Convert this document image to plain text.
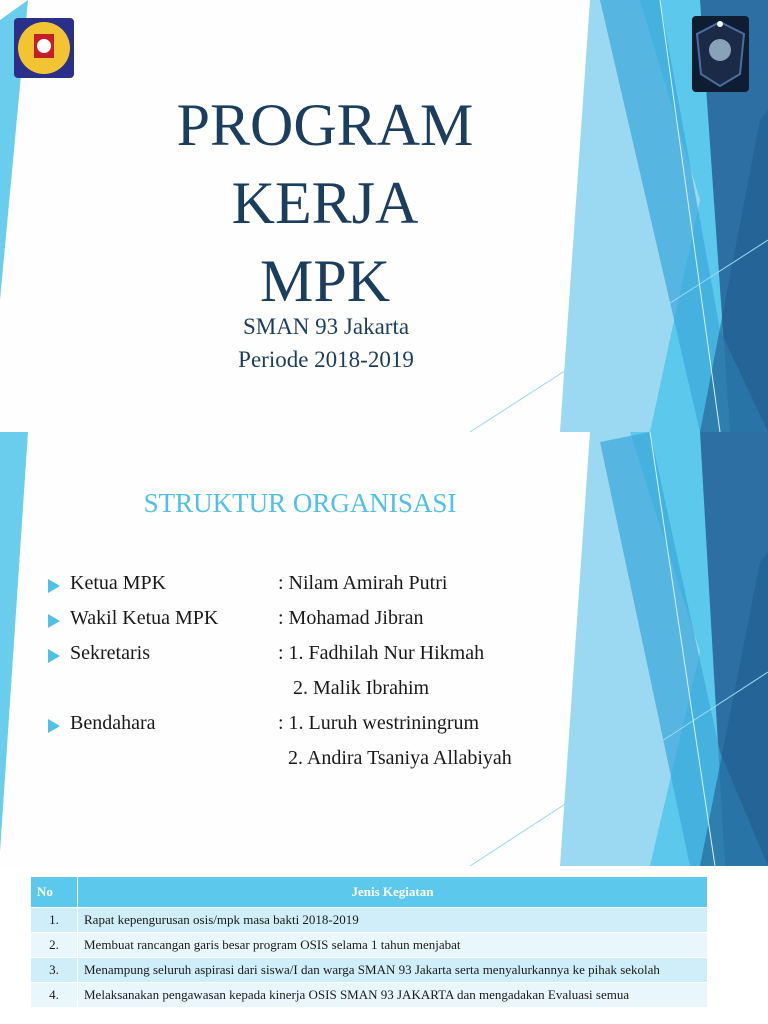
PROGRAM
KERJA
MPK
SMAN 93 Jakarta
Periode 2018-2019
STRUKTUR ORGANISASI
Ketua MPK	: Nilam Amirah Putri
Wakil Ketua MPK	: Mohamad Jibran
Sekretaris	: 1. Fadhilah Nur Hikmah
2. Malik Ibrahim
Bendahara	: 1. Luruh westriningrum
2. Andira Tsaniya Allabiyah
No	Jenis Kegiatan
1.	Rapat kepengurusan osis/mpk masa bakti 2018-2019
2.	Membuat rancangan garis besar program OSIS selama 1 tahun menjabat
3.	Menampung seluruh aspirasi dari siswa/I dan warga SMAN 93 Jakarta serta menyalurkannya ke pihak sekolah
4.	Melaksanakan pengawasan kepada kinerja OSIS SMAN 93 JAKARTA dan mengadakan Evaluasi semua
